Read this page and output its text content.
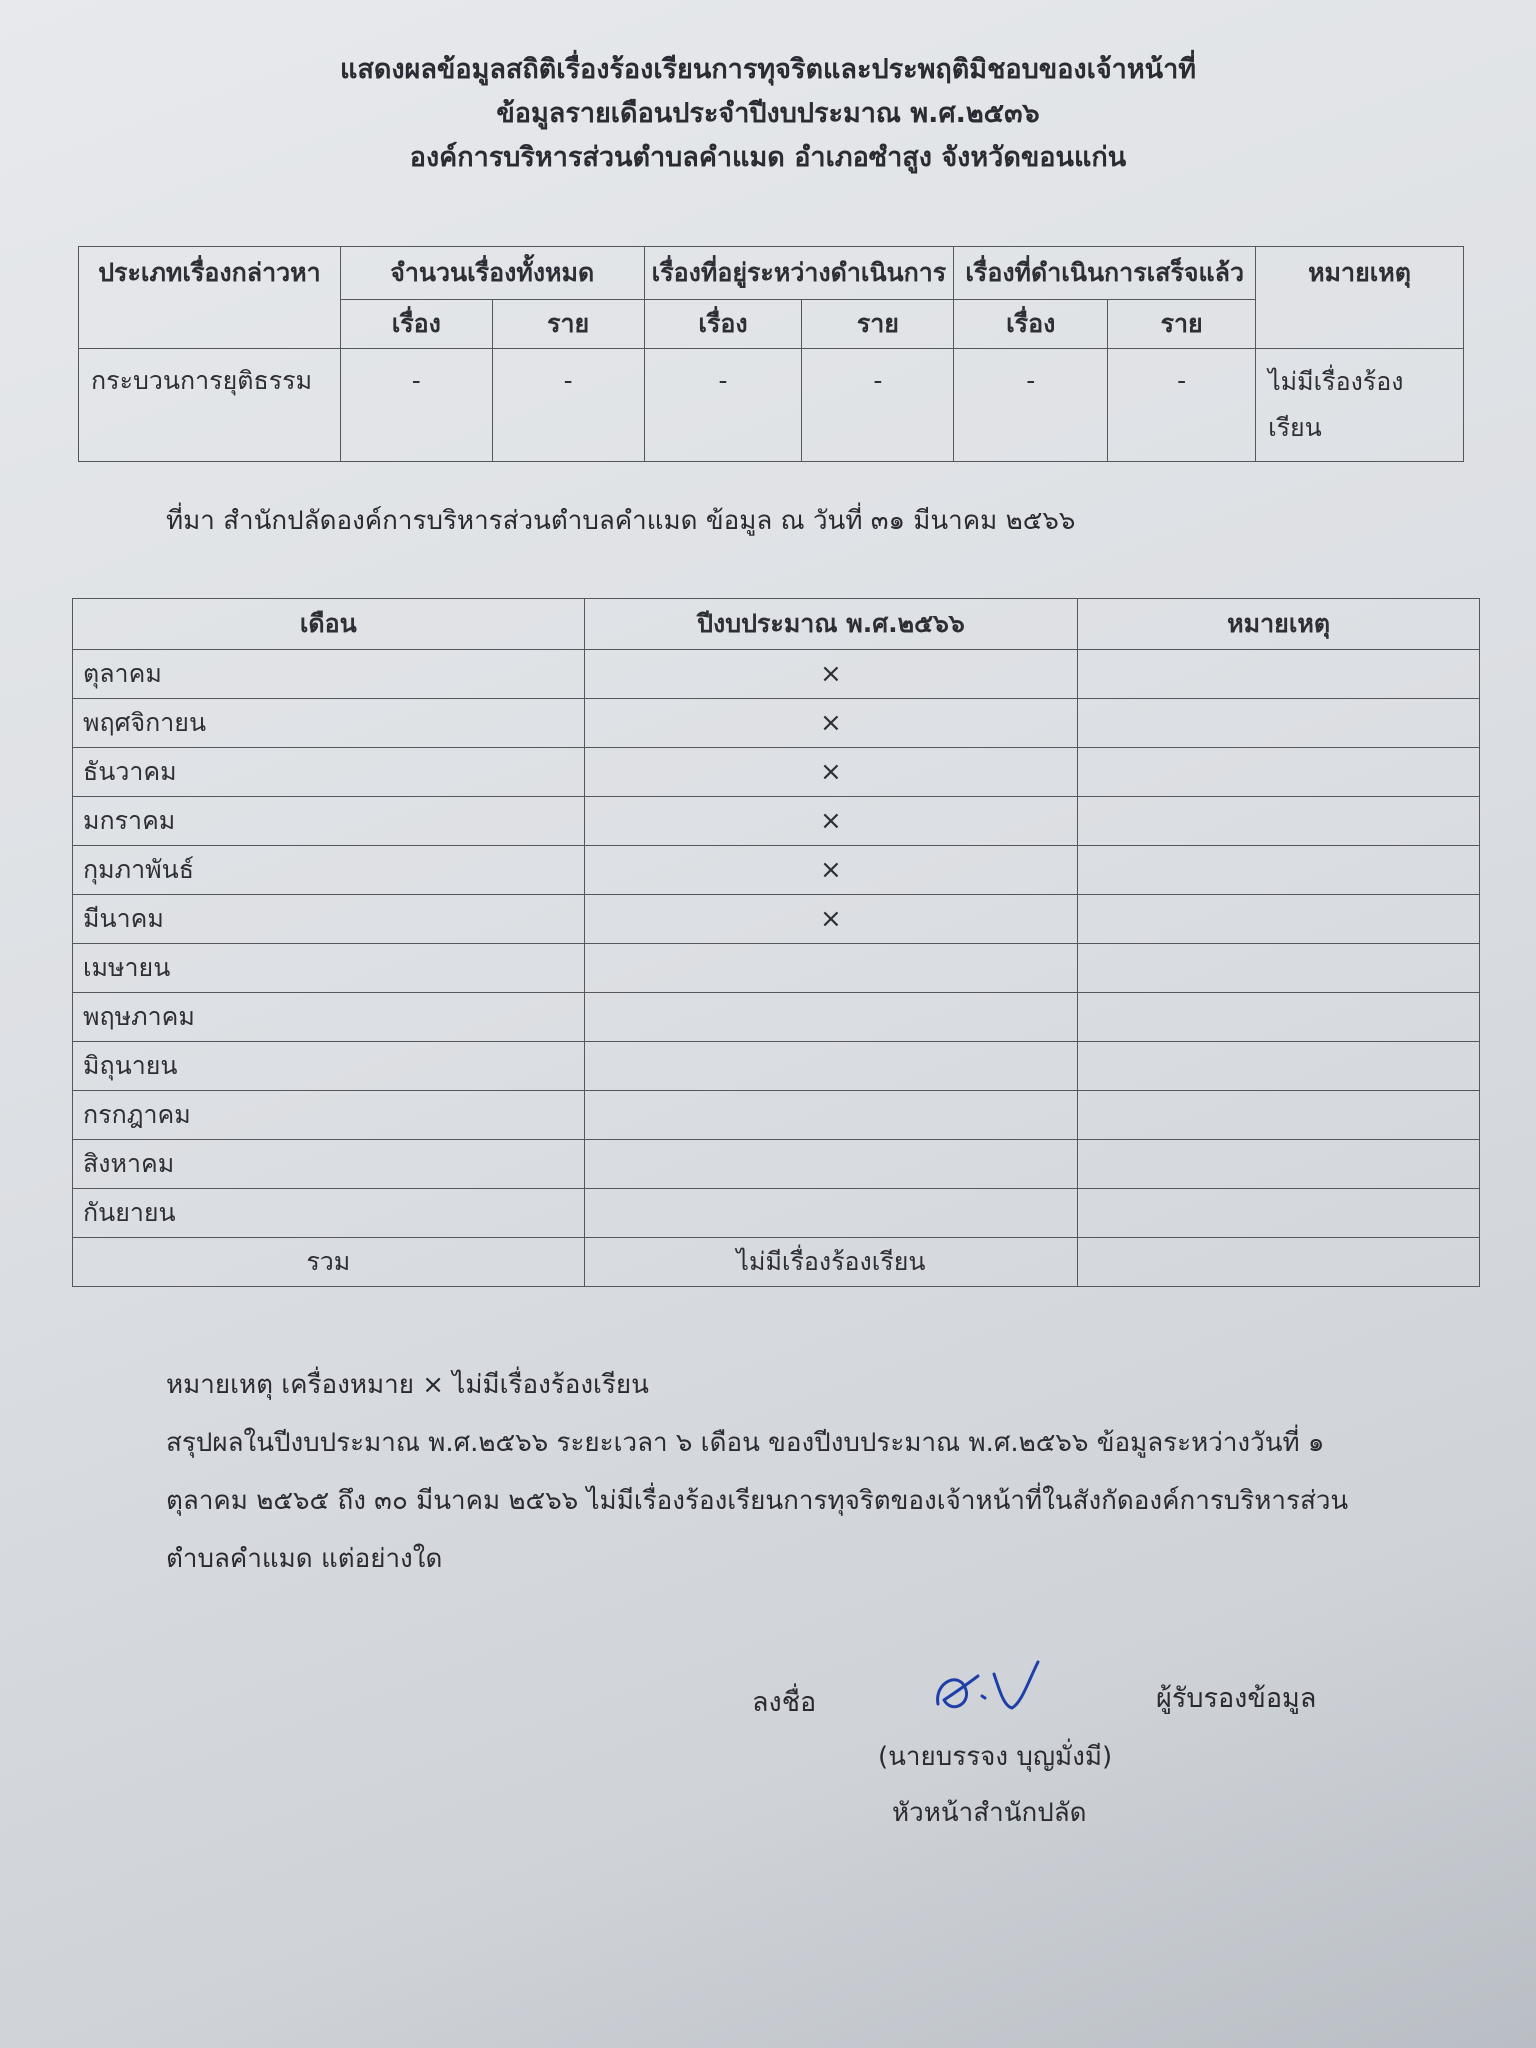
แสดงผลข้อมูลสถิติเรื่องร้องเรียนการทุจริตและประพฤติมิชอบของเจ้าหน้าที่
ข้อมูลรายเดือนประจำปีงบประมาณ พ.ศ.๒๕๓๖
องค์การบริหารส่วนตำบลคำแมด อำเภอซำสูง จังหวัดขอนแก่น
ประเภทเรื่องกล่าวหา	จำนวนเรื่องทั้งหมด		เรื่องที่อยู่ระหว่างดำเนินการ		เรื่องที่ดำเนินการเสร็จแล้ว		หมายเหตุ
	เรื่อง	ราย	เรื่อง	ราย	เรื่อง	ราย	
กระบวนการยุติธรรม	-	-	-	-	-	-	ไม่มีเรื่องร้องเรียน
ที่มา สำนักปลัดองค์การบริหารส่วนตำบลคำแมด ข้อมูล ณ วันที่ ๓๑ มีนาคม ๒๕๖๖
เดือน	ปีงบประมาณ พ.ศ.๒๕๖๖	หมายเหตุ
ตุลาคม	×	
พฤศจิกายน	×	
ธันวาคม	×	
มกราคม	×	
กุมภาพันธ์	×	
มีนาคม	×	
เมษายน		
พฤษภาคม		
มิถุนายน		
กรกฎาคม		
สิงหาคม		
กันยายน		
รวม	ไม่มีเรื่องร้องเรียน	
หมายเหตุ เครื่องหมาย × ไม่มีเรื่องร้องเรียน
สรุปผลในปีงบประมาณ พ.ศ.๒๕๖๖ ระยะเวลา ๖ เดือน ของปีงบประมาณ พ.ศ.๒๕๖๖ ข้อมูลระหว่างวันที่ ๑
ตุลาคม ๒๕๖๕ ถึง ๓๐ มีนาคม ๒๕๖๖ ไม่มีเรื่องร้องเรียนการทุจริตของเจ้าหน้าที่ในสังกัดองค์การบริหารส่วน
ตำบลคำแมด แต่อย่างใด
ลงชื่อ	ผู้รับรองข้อมูล
(นายบรรจง บุญมั่งมี)
หัวหน้าสำนักปลัด
